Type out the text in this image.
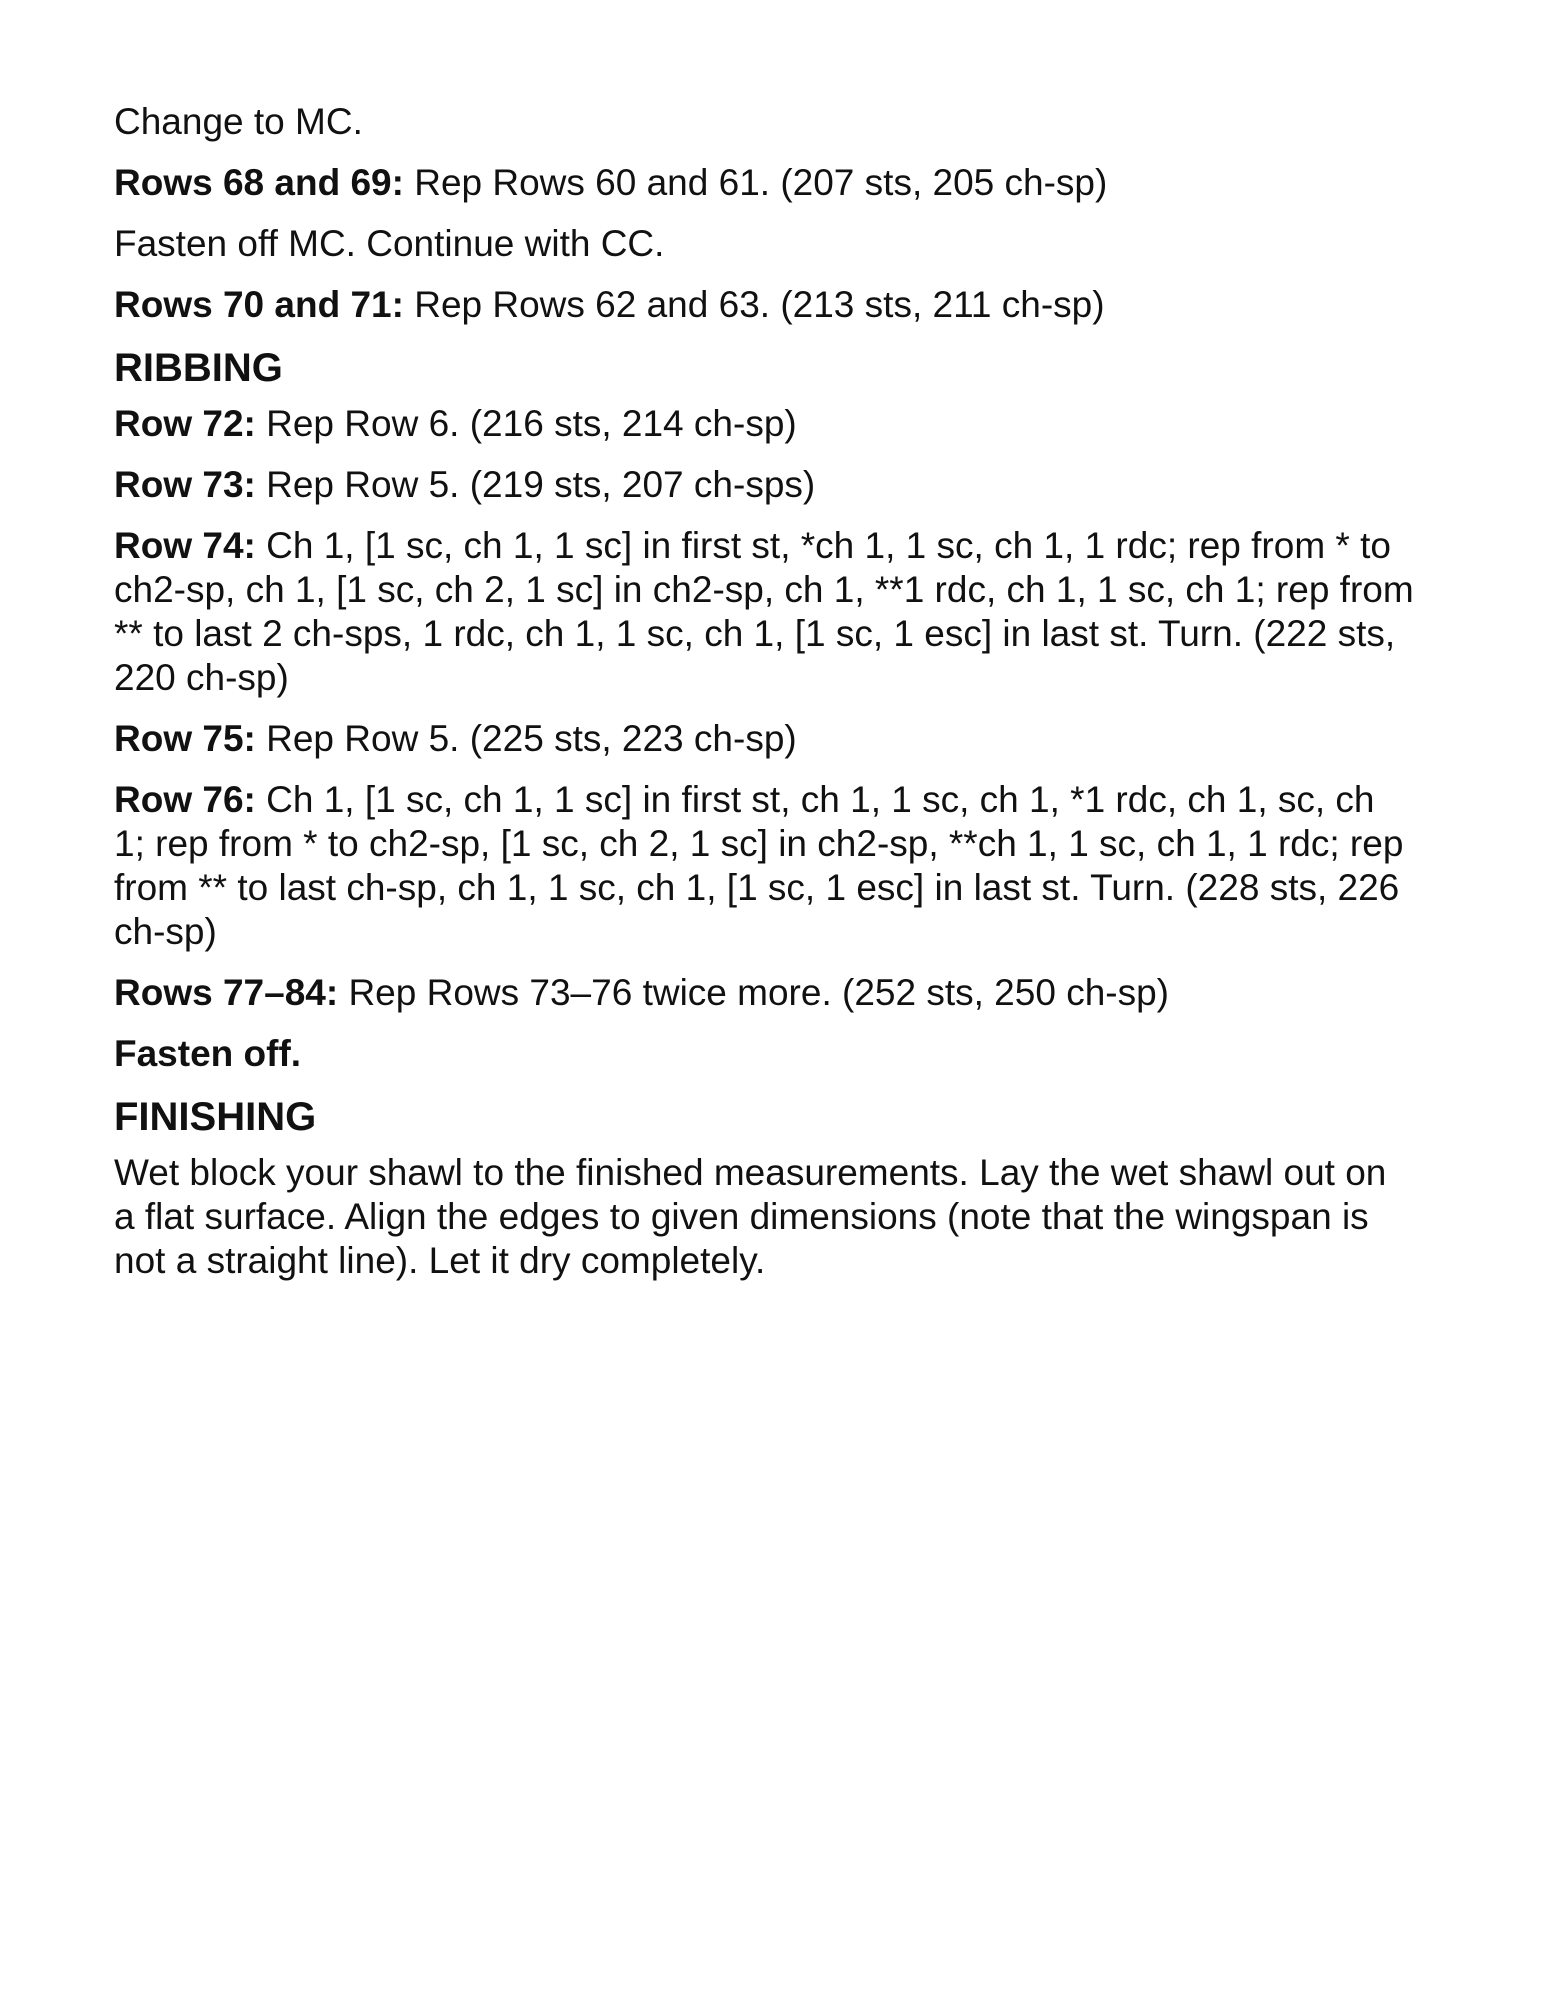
Change to MC.

Rows 68 and 69: Rep Rows 60 and 61. (207 sts, 205 ch-sp)

Fasten off MC. Continue with CC.

Rows 70 and 71: Rep Rows 62 and 63. (213 sts, 211 ch-sp)

RIBBING

Row 72: Rep Row 6. (216 sts, 214 ch-sp)

Row 73: Rep Row 5. (219 sts, 207 ch-sps)

Row 74: Ch 1, [1 sc, ch 1, 1 sc] in first st, *ch 1, 1 sc, ch 1, 1 rdc; rep from * to ch2-sp, ch 1, [1 sc, ch 2, 1 sc] in ch2-sp, ch 1, **1 rdc, ch 1, 1 sc, ch 1; rep from ** to last 2 ch-sps, 1 rdc, ch 1, 1 sc, ch 1, [1 sc, 1 esc] in last st. Turn. (222 sts, 220 ch-sp)

Row 75: Rep Row 5. (225 sts, 223 ch-sp)

Row 76: Ch 1, [1 sc, ch 1, 1 sc] in first st, ch 1, 1 sc, ch 1, *1 rdc, ch 1, sc, ch 1; rep from * to ch2-sp, [1 sc, ch 2, 1 sc] in ch2-sp, **ch 1, 1 sc, ch 1, 1 rdc; rep from ** to last ch-sp, ch 1, 1 sc, ch 1, [1 sc, 1 esc] in last st. Turn. (228 sts, 226 ch-sp)

Rows 77–84: Rep Rows 73–76 twice more. (252 sts, 250 ch-sp)

Fasten off.

FINISHING

Wet block your shawl to the finished measurements. Lay the wet shawl out on a flat surface. Align the edges to given dimensions (note that the wingspan is not a straight line). Let it dry completely.
